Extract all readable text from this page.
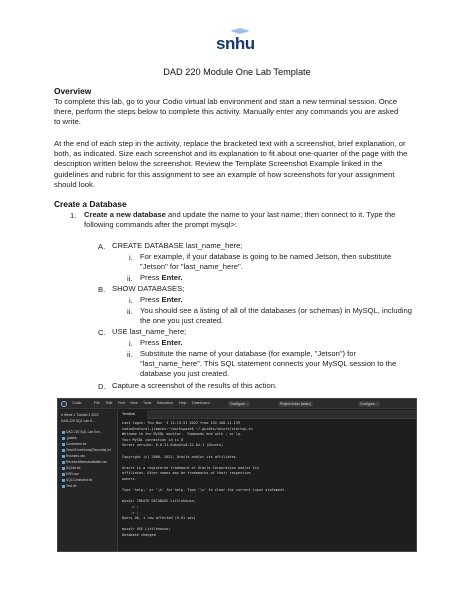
snhu
DAD 220 Module One Lab Template
Overview
To complete this lab, go to your Codio virtual lab environment and start a new terminal session. Once
there, perform the steps below to complete this activity. Manually enter any commands you are asked
to write.
At the end of each step in the activity, replace the bracketed text with a screenshot, brief explanation, or
both, as indicated. Size each screenshot and its explanation to fit about one-quarter of the page with the
description written below the screenshot. Review the Template Screenshot Example linked in the
guidelines and rubric for this assignment to see an example of how screenshots for your assignment
should look.
Create a Database
1. Create a new database and update the name to your last name; then connect to it. Type the
following commands after the prompt mysql>:
A. CREATE DATABASE last_name_here;
i. For example, if your database is going to be named Jetson, then substitute
"Jetson" for "last_name_here".
ii. Press Enter.
B. SHOW DATABASES;
i. Press Enter.
ii. You should see a listing of all of the databases (or schemas) in MySQL, including
the one you just created.
C. USE last_name_here;
i. Press Enter.
ii. Substitute the name of your database (for example, "Jetson") for
"last_name_here". This SQL statement connects your MySQL session to the
database you just created.
D. Capture a screenshot of the results of this action.
Codio	File Edit Find View Tools Education Help Dashboard	Configure...	Project Index (static)	Configure...
# Week 1 Tutorial 1 2022
DAD-220 SQL Lab E...
DAD 220 SQL Lab Env...
.guides
Customers.txt
TeachFromHome(Seconds).txt
Roosters.csv
ReceivedItemsAvailable.csv
SQLite.txt
ESR.csv
SQLCommand.txt
Test.txt
Terminal
Last login: Thu Nov  3 11:13:51 2022 from 192.168.11.139
codio@natural-jimmies:~/workspace$ ~/.guides/secure/startup.sh
Welcome to the MySQL monitor.  Commands end with ; or \g.
Your MySQL connection id is 8
Server version: 8.0.31-0ubuntu0.22.04.1 (Ubuntu)

Copyright (c) 2000, 2022, Oracle and/or its affiliates.

Oracle is a registered trademark of Oracle Corporation and/or its
affiliates. Other names may be trademarks of their respective
owners.

Type 'help;' or '\h' for help. Type '\c' to clear the current input statement.

mysql> CREATE DATABASE Littlehouse;
-> ;
-> ;
Query OK, 1 row affected (0.01 sec)

mysql> USE Littlehouse;
Database changed
